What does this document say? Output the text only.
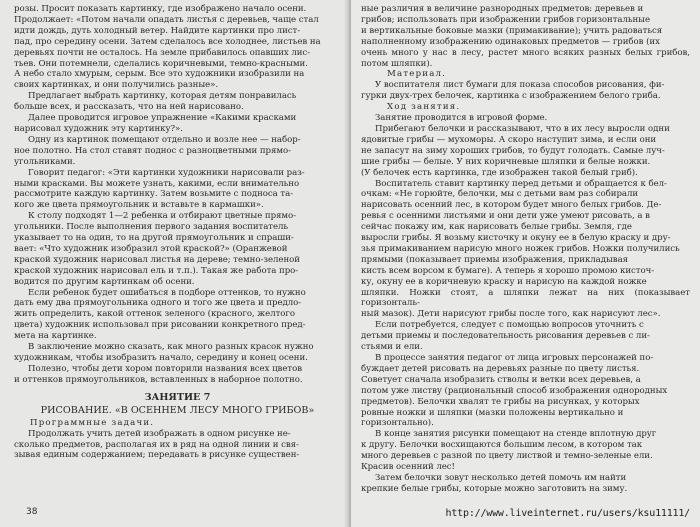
розы. Просит показать картинку, где изображено начало осени.
Продолжает: «Потом начали опадать листья с деревьев, чаще стал
идти дождь, дуть холодный ветер. Найдите картинки про лист-
пад, про середину осени. Затем сделалось все холоднее, листьев на
деревьях почти не осталось. На земле прибавилось опавших лис-
тьев. Они потемнели, сделались коричневыми, темно-красными.
А небо стало хмурым, серым. Все это художники изобразили на
своих картинках, и они получились разные».

Предлагает выбрать картинку, которая детям понравилась
больше всех, и рассказать, что на ней нарисовано.

Далее проводится игровое упражнение «Какими красками
нарисовал художник эту картинку?».

Одну из картинок помещают отдельно и возле нее — набор-
ное полотно. На стол ставят поднос с разноцветными прямо-
угольниками.

Говорит педагог: «Эти картинки художники нарисовали раз-
ными красками. Вы можете узнать, какими, если внимательно
рассмотрите каждую картинку. Затем возьмите с подноса та-
кого же цвета прямоугольник и вставьте в кармашки».

К столу подходят 1—2 ребенка и отбирают цветные прямо-
угольники. После выполнения первого задания воспитатель
указывает то на один, то на другой прямоугольник и спраши-
вает: «Что художник изобразил этой краской?» (Оранжевой
краской художник нарисовал листья на дереве; темно-зеленой
краской художник нарисовал ель и т.п.). Такая же работа про-
водится по другим картинкам об осени.

Если ребенок будет ошибаться в подборе оттенков, то нужно
дать ему два прямоугольника одного и того же цвета и предло-
жить определить, какой оттенок зеленого (красного, желтого
цвета) художник использовал при рисовании конкретного пред-
мета на картинке.

В заключение можно сказать, как много разных красок нужно
художникам, чтобы изобразить начало, середину и конец осени.

Полезно, чтобы дети хором повторили названия всех цветов
и оттенков прямоугольников, вставленных в наборное полотно.

ЗАНЯТИЕ 7
РИСОВАНИЕ. «В ОСЕННЕМ ЛЕСУ МНОГО ГРИБОВ»
Программные задачи.

Продолжать учить детей изображать в одном рисунке не-
сколько предметов, располагая их в ряд на одной линии и свя-
зывая единым содержанием; передавать в рисунке существен-

38

ные различия в величине разнородных предметов: деревьев и
грибов; использовать при изображении грибов горизонтальные
и вертикальные боковые мазки (примакивание); учить радоваться
наполненному изображению одинаковых предметов — грибов (их
очень много у нас в лесу, растет много всяких разных белых грибов, потом шляпки).

Материал.

У воспитателя лист бумаги для показа способов рисования, фи-
гурки двух-трех белочек, картинка с изображением белого гриба.

Ход занятия.

Занятие проводится в игровой форме.

Прибегают белочки и рассказывают, что в их лесу выросли одни
ядовитые грибы — мухоморы. А скоро наступит зима, и если они
не запасут на зиму хороших грибов, то будут голодать. Самые луч-
шие грибы — белые. У них коричневые шляпки и белые ножки.
(У белочек есть картинка, где изображен такой белый гриб).

Воспитатель ставит картинку перед детьми и обращается к бел-
очкам: «Не горюйте, белочки, мы с детьми вам раз собирали
нарисовать осенний лес, в котором будет много белых грибов. Де-
ревья с осенними листьями и они дети уже умеют рисовать, а в
сейчас покажу им, как нарисовать белые грибы. Земля, где
выросли грибы. Я возьму кисточку и окуну ее в белую краску и дру-
зья примакиванием нарисую много ножек грибов. Ножки получились
прямыми (показывает приемы изображения, прикладывая
кисть всем ворсом к бумаге). А теперь я хорошо промою кисточ-
ку, окуну ее в коричневую краску и нарисую на каждой ножке
шляпки. Ножки стоят, а шляпки лежат на них (показывает горизонталь-
ный мазок). Дети нарисуют грибы после того, как нарисуют лес».

Если потребуется, следует с помощью вопросов уточнить с
детьми приемы и последовательность рисования деревьев с ли-
стьями и ели.

В процессе занятия педагог от лица игровых персонажей по-
буждает детей рисовать на деревьях разные по цвету листья.
Советует сначала изобразить стволы и ветки всех деревьев, а
потом уже листву (рациональный способ изображения однородных
предметов). Белочки хвалят те грибы на рисунках, у которых
ровные ножки и шляпки (мазки положены вертикально и
горизонтально).

В конце занятия рисунки помещают на стенде вплотную друг
к другу. Белочки восхищаются большим лесом, в котором так
много деревьев с разной по цвету листвой и темно-зеленые ели.
Красив осенний лес!

Затем белочки зовут несколько детей помочь им найти
крепкие белые грибы, которые можно заготовить на зиму.

http://www.liveinternet.ru/users/ksu11111/
